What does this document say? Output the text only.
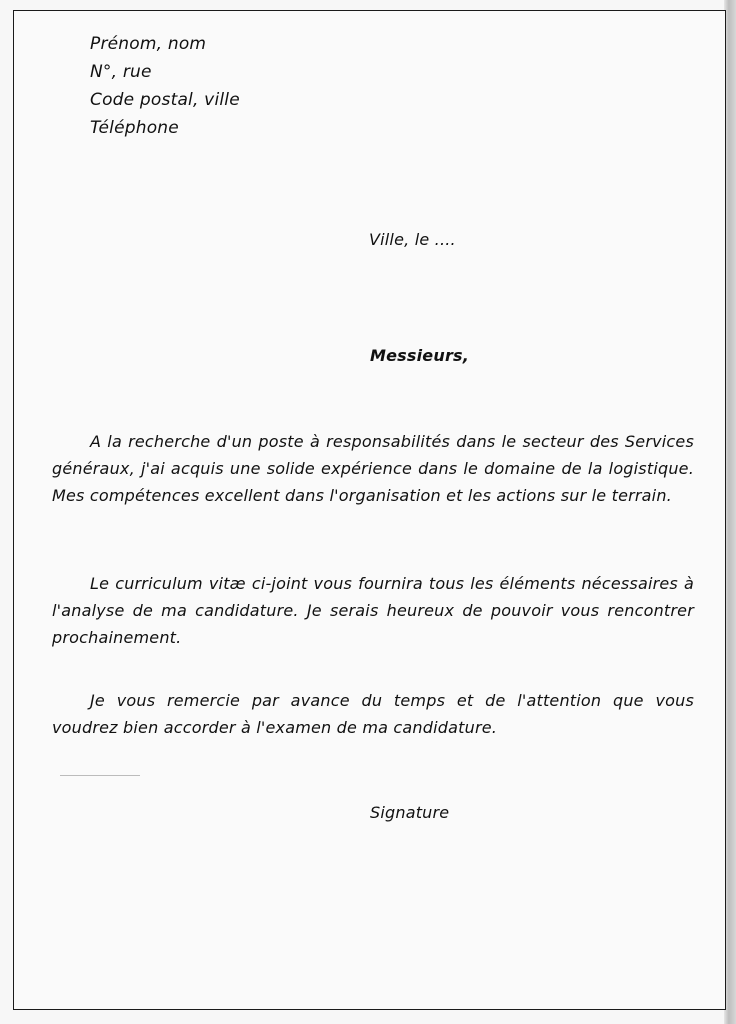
Prénom, nom
N°, rue
Code postal, ville
Téléphone
Ville, le ....
Messieurs,

A la recherche d'un poste à responsabilités dans le secteur des Services généraux, j'ai acquis une solide expérience dans le domaine de la logistique. Mes compétences excellent dans l'organisation et les actions sur le terrain.

Le curriculum vitæ ci-joint vous fournira tous les éléments nécessaires à l'analyse de ma candidature. Je serais heureux de pouvoir vous rencontrer prochainement.

Je vous remercie par avance du temps et de l'attention que vous voudrez bien accorder à l'examen de ma candidature.

Signature
